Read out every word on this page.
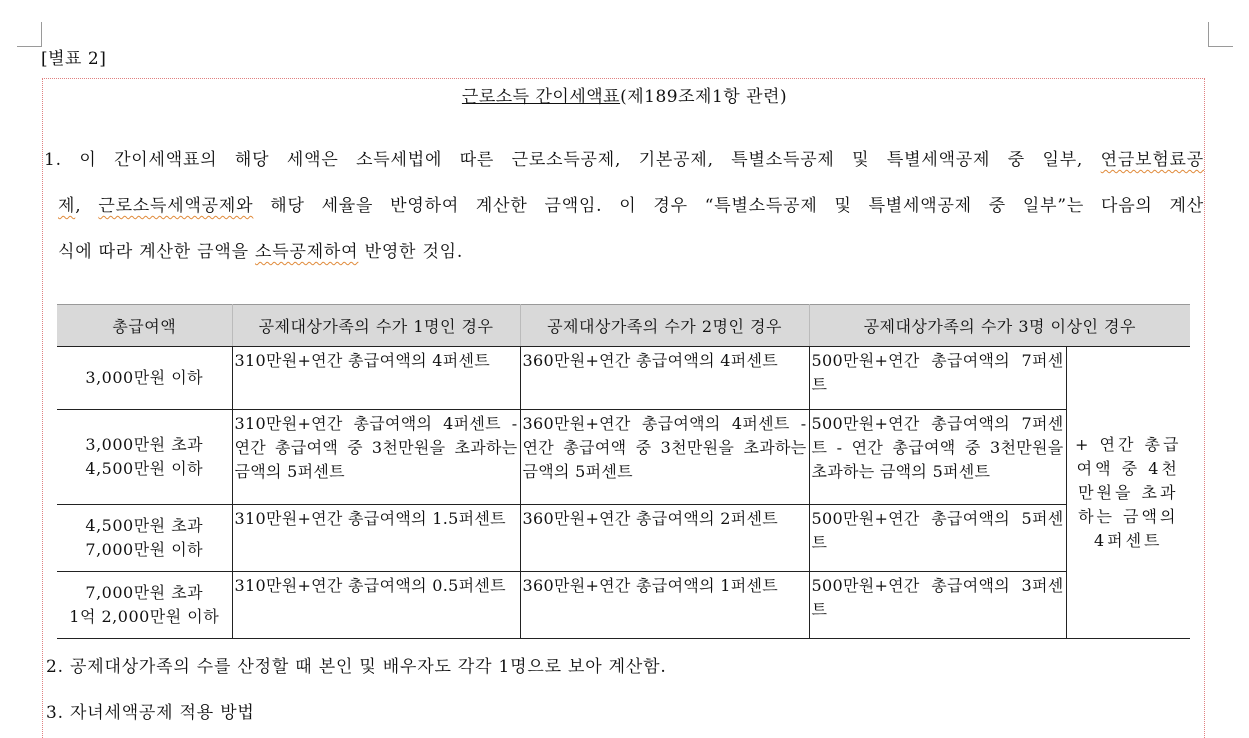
[별표 2]
근로소득 간이세액표(제189조제1항 관련)
1. 이 간이세액표의 해당 세액은 소득세법에 따른 근로소득공제, 기본공제, 특별소득공제 및 특별세액공제 중 일부, 연금보험료공
제, 근로소득세액공제와 해당 세율을 반영하여 계산한 금액임. 이 경우 “특별소득공제 및 특별세액공제 중 일부”는 다음의 계산
식에 따라 계산한 금액을 소득공제하여 반영한 것임.
총급여액	공제대상가족의 수가 1명인 경우	공제대상가족의 수가 2명인 경우	공제대상가족의 수가 3명 이상인 경우	
3,000만원 이하	310만원+연간 총급여액의 4퍼센트	360만원+연간 총급여액의 4퍼센트	500만원+연간 총급여액의 7퍼센트	+ 연간 총급여액 중 4천만원을 초과하는 금액의 4퍼센트
3,000만원 초과
4,500만원 이하	310만원+연간 총급여액의 4퍼센트 - 연간 총급여액 중 3천만원을 초과하는 금액의 5퍼센트	360만원+연간 총급여액의 4퍼센트 - 연간 총급여액 중 3천만원을 초과하는 금액의 5퍼센트	500만원+연간 총급여액의 7퍼센트 - 연간 총급여액 중 3천만원을 초과하는 금액의 5퍼센트	
4,500만원 초과
7,000만원 이하	310만원+연간 총급여액의 1.5퍼센트	360만원+연간 총급여액의 2퍼센트	500만원+연간 총급여액의 5퍼센트	
7,000만원 초과
1억 2,000만원 이하	310만원+연간 총급여액의 0.5퍼센트	360만원+연간 총급여액의 1퍼센트	500만원+연간 총급여액의 3퍼센트	
2. 공제대상가족의 수를 산정할 때 본인 및 배우자도 각각 1명으로 보아 계산함.
3. 자녀세액공제 적용 방법
